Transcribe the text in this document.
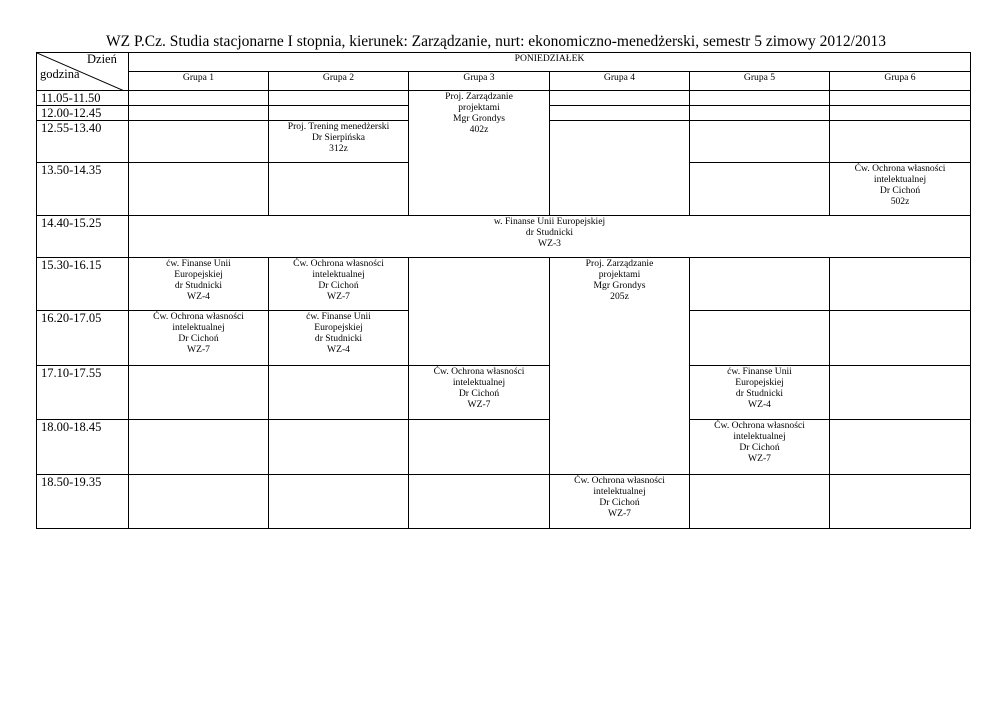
WZ P.Cz. Studia stacjonarne I stopnia, kierunek: Zarządzanie, nurt: ekonomiczno-menedżerski, semestr 5 zimowy 2012/2013
Dzień
godzina	PONIEDZIAŁEK					
	Grupa 1	Grupa 2	Grupa 3	Grupa 4	Grupa 5	Grupa 6
11.05-11.50			Proj. Zarządzanie
projektami
Mgr Grondys
402z			

12.00-12.45						
12.55-13.40		Proj. Trening menedżerski
Dr Sierpińska
312z				

13.50-14.35						Ćw. Ochrona własności
intelektualnej
Dr Cichoń
502z

14.40-15.25	w. Finanse Unii Europejskiej
dr Studnicki
WZ-3					

15.30-16.15	ćw. Finanse Unii
Europejskiej
dr Studnicki
WZ-4	Ćw. Ochrona własności
intelektualnej
Dr Cichoń
WZ-7		Proj. Zarządzanie
projektami
Mgr Grondys
205z		

16.20-17.05	Ćw. Ochrona własności
intelektualnej
Dr Cichoń
WZ-7	ćw. Finanse Unii
Europejskiej
dr Studnicki
WZ-4				

17.10-17.55			Ćw. Ochrona własności
intelektualnej
Dr Cichoń
WZ-7		ćw. Finanse Unii
Europejskiej
dr Studnicki
WZ-4	

18.00-18.45					Ćw. Ochrona własności
intelektualnej
Dr Cichoń
WZ-7	

18.50-19.35				Ćw. Ochrona własności
intelektualnej
Dr Cichoń
WZ-7		
